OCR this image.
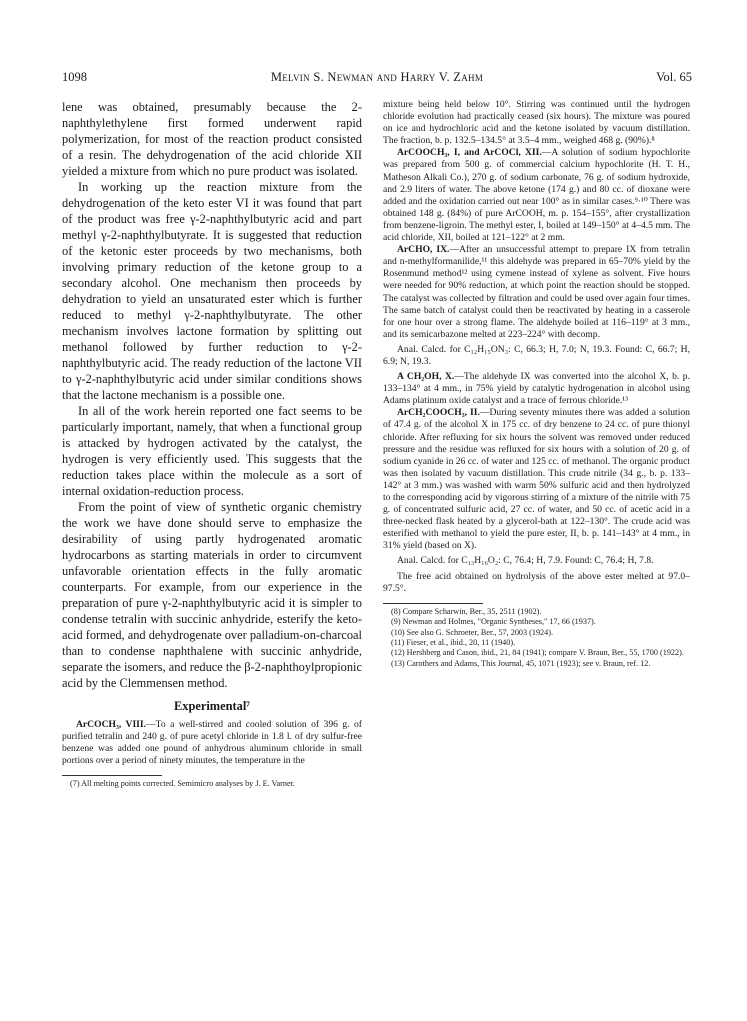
1098	Melvin S. Newman and Harry V. Zahm	Vol. 65

lene was obtained, presumably because the 2-naphthylethylene first formed underwent rapid polymerization, for most of the reaction product consisted of a resin. The dehydrogenation of the acid chloride XII yielded a mixture from which no pure product was isolated.

In working up the reaction mixture from the dehydrogenation of the keto ester VI it was found that part of the product was free γ-2-naphthylbutyric acid and part methyl γ-2-naphthylbutyrate. It is suggested that reduction of the ketonic ester proceeds by two mechanisms, both involving primary reduction of the ketone group to a secondary alcohol. One mechanism then proceeds by dehydration to yield an unsaturated ester which is further reduced to methyl γ-2-naphthylbutyrate. The other mechanism involves lactone formation by splitting out methanol followed by further reduction to γ-2-naphthylbutyric acid. The ready reduction of the lactone VII to γ-2-naphthylbutyric acid under similar conditions shows that the lactone mechanism is a possible one.

In all of the work herein reported one fact seems to be particularly important, namely, that when a functional group is attacked by hydrogen activated by the catalyst, the hydrogen is very efficiently used. This suggests that the reduction takes place within the molecule as a sort of internal oxidation-reduction process.

From the point of view of synthetic organic chemistry the work we have done should serve to emphasize the desirability of using partly hydrogenated aromatic hydrocarbons as starting materials in order to circumvent unfavorable orientation effects in the fully aromatic counterparts. For example, from our experience in the preparation of pure γ-2-naphthylbutyric acid it is simpler to condense tetralin with succinic anhydride, esterify the keto-acid formed, and dehydrogenate over palladium-on-charcoal than to condense naphthalene with succinic anhydride, separate the isomers, and reduce the β-2-naphthoylpropionic acid by the Clemmensen method.

Experimental⁷

ArCOCH₃, VIII.—To a well-stirred and cooled solution of 396 g. of purified tetralin and 240 g. of pure acetyl chloride in 1.8 l. of dry sulfur-free benzene was added one pound of anhydrous aluminum chloride in small portions over a period of ninety minutes, the temperature in the

(7) All melting points corrected. Semimicro analyses by J. E. Varner.

mixture being held below 10°. Stirring was continued until the hydrogen chloride evolution had practically ceased (six hours). The mixture was poured on ice and hydrochloric acid and the ketone isolated by vacuum distillation. The fraction, b. p. 132.5–134.5° at 3.5–4 mm., weighed 468 g. (90%).⁸

ArCOOCH₃, I, and ArCOCl, XII.—A solution of sodium hypochlorite was prepared from 500 g. of commercial calcium hypochlorite (H. T. H., Matheson Alkali Co.), 270 g. of sodium carbonate, 76 g. of sodium hydroxide, and 2.9 liters of water. The above ketone (174 g.) and 80 cc. of dioxane were added and the oxidation carried out near 100° as in similar cases.⁹·¹⁰ There was obtained 148 g. (84%) of pure ArCOOH, m. p. 154–155°, after crystallization from benzene-ligroin. The methyl ester, I, boiled at 149–150° at 4–4.5 mm. The acid chloride, XII, boiled at 121–122° at 2 mm.

ArCHO, IX.—After an unsuccessful attempt to prepare IX from tetralin and n-methylformanilide,¹¹ this aldehyde was prepared in 65–70% yield by the Rosenmund method¹² using cymene instead of xylene as solvent. Five hours were needed for 90% reduction, at which point the reaction should be stopped. The catalyst was collected by filtration and could be used over again four times. The same batch of catalyst could then be reactivated by heating in a casserole for one hour over a strong flame. The aldehyde boiled at 116–119° at 3 mm., and its semicarbazone melted at 223–224° with decomp.

Anal. Calcd. for C₁₂H₁₅ON₃: C, 66.3; H, 7.0; N, 19.3. Found: C, 66.7; H, 6.9; N, 19.3.

A CH₂OH, X.—The aldehyde IX was converted into the alcohol X, b. p. 133–134° at 4 mm., in 75% yield by catalytic hydrogenation in alcohol using Adams platinum oxide catalyst and a trace of ferrous chloride.¹³

ArCH₂COOCH₃, II.—During seventy minutes there was added a solution of 47.4 g. of the alcohol X in 175 cc. of dry benzene to 24 cc. of pure thionyl chloride. After refluxing for six hours the solvent was removed under reduced pressure and the residue was refluxed for six hours with a solution of 20 g. of sodium cyanide in 26 cc. of water and 125 cc. of methanol. The organic product was then isolated by vacuum distillation. This crude nitrile (34 g., b. p. 133–142° at 3 mm.) was washed with warm 50% sulfuric acid and then hydrolyzed to the corresponding acid by vigorous stirring of a mixture of the nitrile with 75 g. of concentrated sulfuric acid, 27 cc. of water, and 50 cc. of acetic acid in a three-necked flask heated by a glycerol-bath at 122–130°. The crude acid was esterified with methanol to yield the pure ester, II, b. p. 141–143° at 4 mm., in 31% yield (based on X).

Anal. Calcd. for C₁₃H₁₆O₂: C, 76.4; H, 7.9. Found: C, 76.4; H, 7.8.

The free acid obtained on hydrolysis of the above ester melted at 97.0–97.5°.

(8) Compare Scharwin, Ber., 35, 2511 (1902).

(9) Newman and Holmes, "Organic Syntheses," 17, 66 (1937).

(10) See also G. Schroeter, Ber., 57, 2003 (1924).

(11) Fieser, et al., ibid., 20, 11 (1940).

(12) Hershberg and Cason, ibid., 21, 84 (1941); compare V. Braun, Ber., 55, 1700 (1922).

(13) Carothers and Adams, This Journal, 45, 1071 (1923); see v. Braun, ref. 12.
